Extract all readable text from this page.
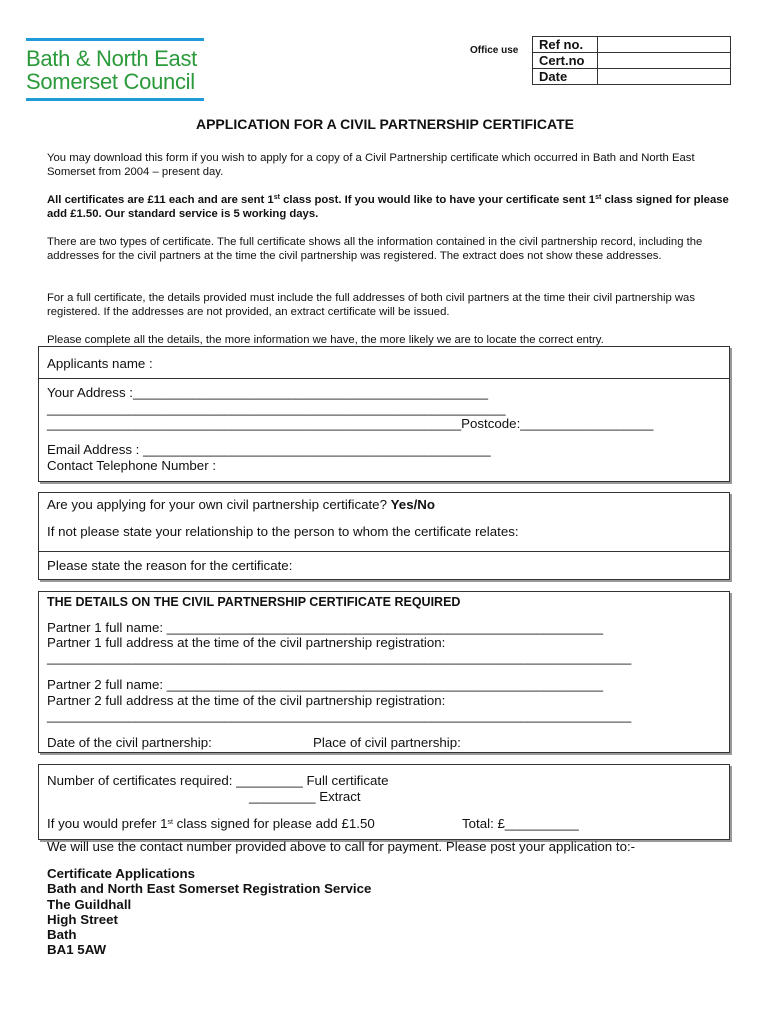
Bath & North East
Somerset Council
Office use Ref no.	
Cert.no	
Date	
APPLICATION FOR A CIVIL PARTNERSHIP CERTIFICATE
You may download this form if you wish to apply for a copy of a Civil Partnership certificate which occurred in Bath and North East Somerset from 2004 – present day.
All certificates are £11 each and are sent 1st class post. If you would like to have your certificate sent 1st class signed for please add £1.50. Our standard service is 5 working days.
There are two types of certificate. The full certificate shows all the information contained in the civil partnership record, including the addresses for the civil partners at the time the civil partnership was registered. The extract does not show these addresses.
For a full certificate, the details provided must include the full addresses of both civil partners at the time their civil partnership was registered. If the addresses are not provided, an extract certificate will be issued.
Please complete all the details, the more information we have, the more likely we are to locate the correct entry.
Applicants name :
Your Address :________________________________________________
______________________________________________________________
________________________________________________________Postcode:__________________
Email Address : _______________________________________________
Contact Telephone Number :
Are you applying for your own civil partnership certificate? Yes/No
If not please state your relationship to the person to whom the certificate relates:
Please state the reason for the certificate:
THE DETAILS ON THE CIVIL PARTNERSHIP CERTIFICATE REQUIRED
Partner 1 full name: ___________________________________________________________
Partner 1 full address at the time of the civil partnership registration:
_______________________________________________________________________________
Partner 2 full name: ___________________________________________________________
Partner 2 full address at the time of the civil partnership registration:
_______________________________________________________________________________
Date of the civil partnership:	Place of civil partnership:
Number of certificates required: _________ Full certificate
_________ Extract
If you would prefer 1st class signed for please add £1.50	Total: £__________
We will use the contact number provided above to call for payment. Please post your application to:-
Certificate Applications
Bath and North East Somerset Registration Service
The Guildhall
High Street
Bath
BA1 5AW
